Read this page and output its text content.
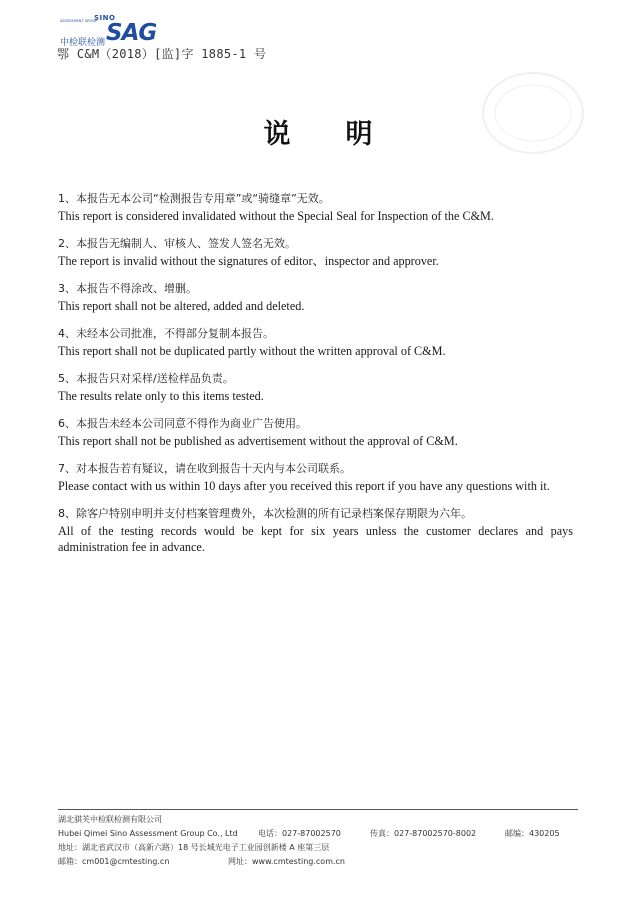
SINO
ASSESSMENT GROUP
中检联检测 SAG
鄂 C&M（2018）[监]字 1885-1 号
说明
1、本报告无本公司“检测报告专用章”或“骑缝章”无效。
This report is considered invalidated without the Special Seal for Inspection of the C&M.
2、本报告无编制人、审核人、签发人签名无效。
The report is invalid without the signatures of editor、inspector and approver.
3、本报告不得涂改、增删。
This report shall not be altered, added and deleted.
4、未经本公司批准，不得部分复制本报告。
This report shall not be duplicated partly without the written approval of C&M.
5、本报告只对采样/送检样品负责。
The results relate only to this items tested.
6、本报告未经本公司同意不得作为商业广告使用。
This report shall not be published as advertisement without the approval of C&M.
7、对本报告若有疑议，请在收到报告十天内与本公司联系。
Please contact with us within 10 days after you received this report if you have any questions with it.
8、除客户特别申明并支付档案管理费外，本次检测的所有记录档案保存期限为六年。
All of the testing records would be kept for six years unless the customer declares and pays administration fee in advance.
湖北骐芙中检联检测有限公司
Hubei Qimei Sino Assessment Group Co., Ltd	电话：027-87002570	传真：027-87002570-8002	邮编：430205
地址：湖北省武汉市（高新六路）18 号长城光电子工业园创新楼 A 座第三层
邮箱：cm001@cmtesting.cn	网址：www.cmtesting.com.cn
